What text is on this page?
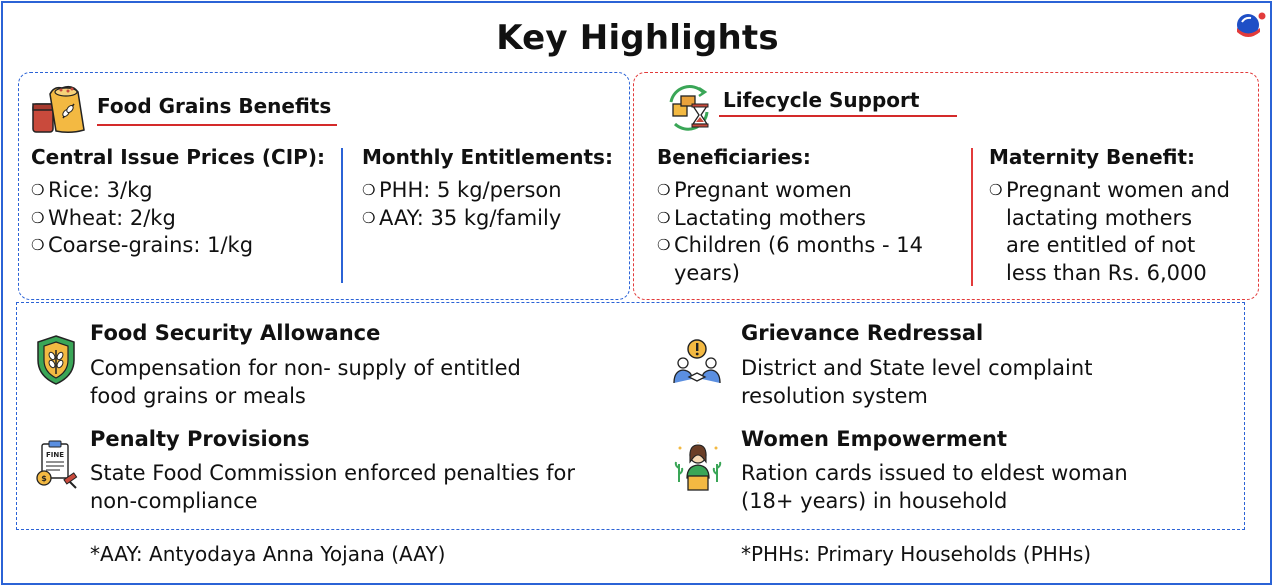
Key Highlights
Food Grains Benefits
Central Issue Prices (CIP):
❍ Rice: 3/kg
❍ Wheat: 2/kg
❍ Coarse-grains: 1/kg
Monthly Entitlements:
❍ PHH: 5 kg/person
❍ AAY: 35 kg/family
Lifecycle Support
Beneficiaries:
❍ Pregnant women
❍ Lactating mothers
❍ Children (6 months - 14
years)
Maternity Benefit:
❍ Pregnant women and
lactating mothers
are entitled of not
less than Rs. 6,000
Food Security Allowance
Compensation for non- supply of entitled
food grains or meals
Grievance Redressal
District and State level complaint
resolution system
FINE
$
Penalty Provisions
State Food Commission enforced penalties for
non-compliance
Women Empowerment
Ration cards issued to eldest woman
(18+ years) in household
*AAY: Antyodaya Anna Yojana (AAY)	*PHHs: Primary Households (PHHs)
